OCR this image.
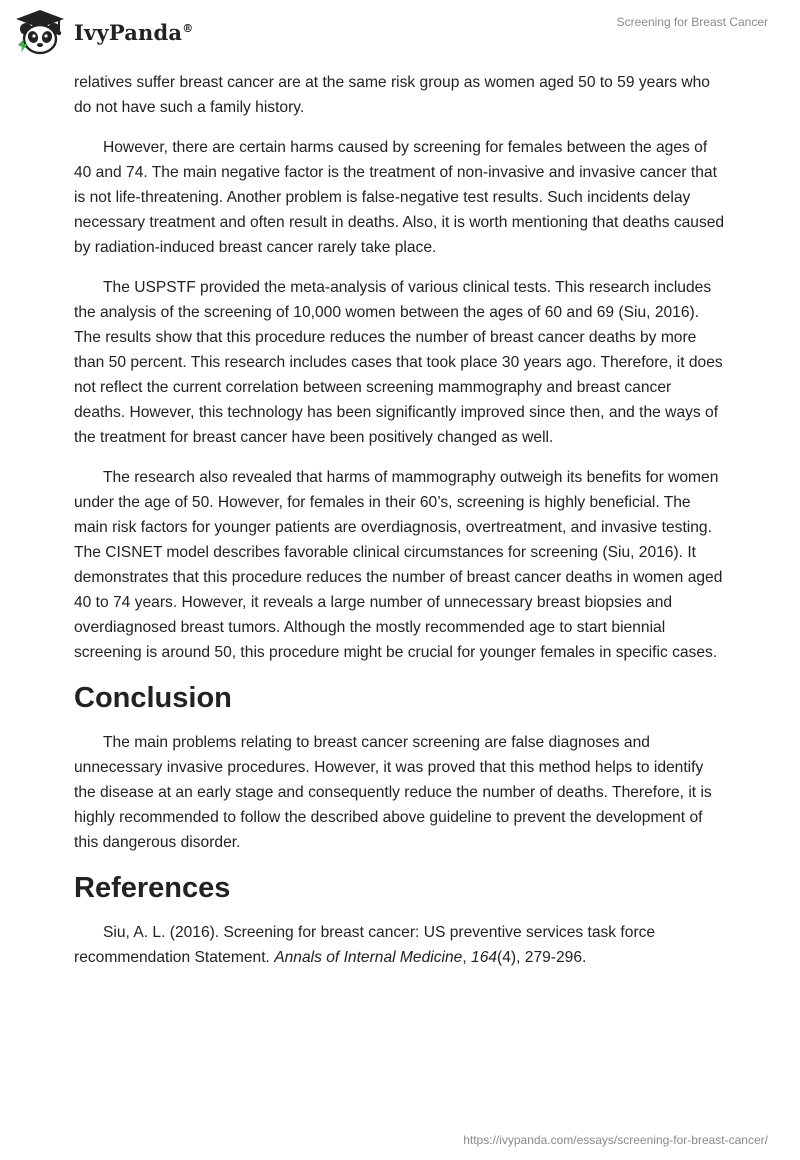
IvyPanda®	Screening for Breast Cancer

relatives suffer breast cancer are at the same risk group as women aged 50 to 59 years who do not have such a family history.

However, there are certain harms caused by screening for females between the ages of 40 and 74. The main negative factor is the treatment of non-invasive and invasive cancer that is not life-threatening. Another problem is false-negative test results. Such incidents delay necessary treatment and often result in deaths. Also, it is worth mentioning that deaths caused by radiation-induced breast cancer rarely take place.

The USPSTF provided the meta-analysis of various clinical tests. This research includes the analysis of the screening of 10,000 women between the ages of 60 and 69 (Siu, 2016). The results show that this procedure reduces the number of breast cancer deaths by more than 50 percent. This research includes cases that took place 30 years ago. Therefore, it does not reflect the current correlation between screening mammography and breast cancer deaths. However, this technology has been significantly improved since then, and the ways of the treatment for breast cancer have been positively changed as well.

The research also revealed that harms of mammography outweigh its benefits for women under the age of 50. However, for females in their 60’s, screening is highly beneficial. The main risk factors for younger patients are overdiagnosis, overtreatment, and invasive testing. The CISNET model describes favorable clinical circumstances for screening (Siu, 2016). It demonstrates that this procedure reduces the number of breast cancer deaths in women aged 40 to 74 years. However, it reveals a large number of unnecessary breast biopsies and overdiagnosed breast tumors. Although the mostly recommended age to start biennial screening is around 50, this procedure might be crucial for younger females in specific cases.

Conclusion

The main problems relating to breast cancer screening are false diagnoses and unnecessary invasive procedures. However, it was proved that this method helps to identify the disease at an early stage and consequently reduce the number of deaths. Therefore, it is highly recommended to follow the described above guideline to prevent the development of this dangerous disorder.

References

Siu, A. L. (2016). Screening for breast cancer: US preventive services task force recommendation Statement. Annals of Internal Medicine, 164(4), 279-296.

https://ivypanda.com/essays/screening-for-breast-cancer/
